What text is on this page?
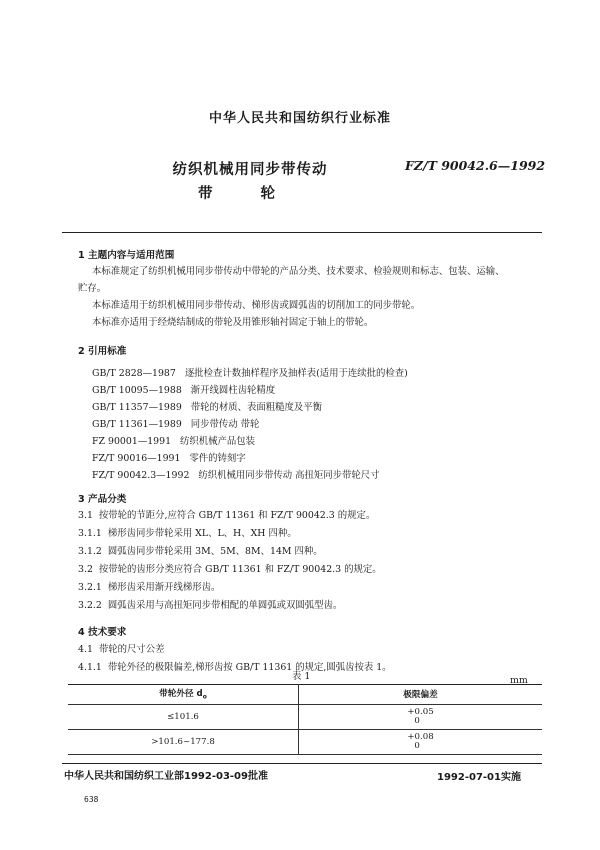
中华人民共和国纺织行业标准
纺织机械用同步带传动
带	轮
FZ/T 90042.6—1992
1 主题内容与适用范围
本标准规定了纺织机械用同步带传动中带轮的产品分类、技术要求、检验规则和标志、包装、运输、
贮存。
本标准适用于纺织机械用同步带传动、梯形齿或圆弧齿的切削加工的同步带轮。
本标准亦适用于经烧结制成的带轮及用锥形轴衬固定于轴上的带轮。
2 引用标准
GB/T 2828—1987 逐批检查计数抽样程序及抽样表(适用于连续批的检查)
GB/T 10095—1988 渐开线圆柱齿轮精度
GB/T 11357—1989 带轮的材质、表面粗糙度及平衡
GB/T 11361—1989 同步带传动 带轮
FZ 90001—1991 纺织机械产品包装
FZ/T 90016—1991 零件的铸刻字
FZ/T 90042.3—1992 纺织机械用同步带传动 高扭矩同步带轮尺寸
3 产品分类
3.1 按带轮的节距分,应符合 GB/T 11361 和 FZ/T 90042.3 的规定。
3.1.1 梯形齿同步带轮采用 XL、L、H、XH 四种。
3.1.2 圆弧齿同步带轮采用 3M、5M、8M、14M 四种。
3.2 按带轮的齿形分类应符合 GB/T 11361 和 FZ/T 90042.3 的规定。
3.2.1 梯形齿采用渐开线梯形齿。
3.2.2 圆弧齿采用与高扭矩同步带相配的单圆弧或双圆弧型齿。
4 技术要求
4.1 带轮的尺寸公差
4.1.1 带轮外径的极限偏差,梯形齿按 GB/T 11361 的规定,圆弧齿按表 1。
表 1	mm
带轮外径 $d_o$	极限偏差
≤101.6	+0.05
0
>101.6~177.8	+0.08
0
中华人民共和国纺织工业部1992-03-09批准	1992-07-01实施
638
